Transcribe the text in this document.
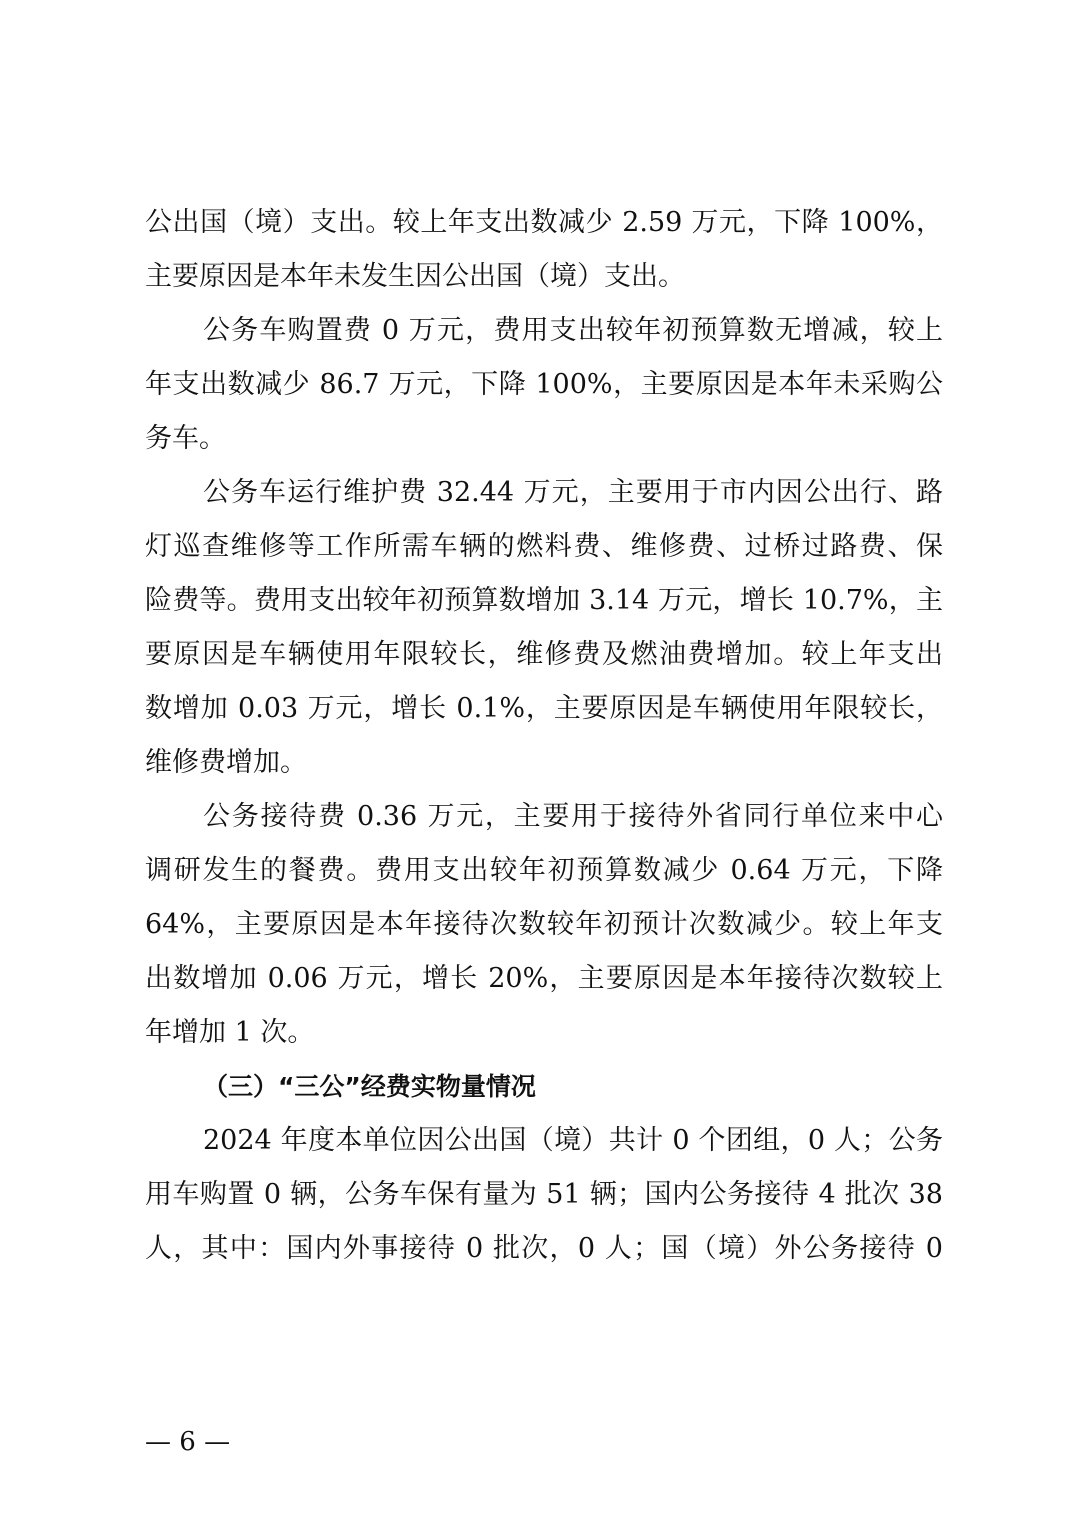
公出国（境）支出。较上年支出数减少 2.59 万元，下降 100%，
主要原因是本年未发生因公出国（境）支出。
公务车购置费 0 万元，费用支出较年初预算数无增减，较上
年支出数减少 86.7 万元，下降 100%，主要原因是本年未采购公
务车。
公务车运行维护费 32.44 万元，主要用于市内因公出行、路
灯巡查维修等工作所需车辆的燃料费、维修费、过桥过路费、保
险费等。费用支出较年初预算数增加 3.14 万元，增长 10.7%，主
要原因是车辆使用年限较长，维修费及燃油费增加。较上年支出
数增加 0.03 万元，增长 0.1%，主要原因是车辆使用年限较长，
维修费增加。
公务接待费 0.36 万元，主要用于接待外省同行单位来中心
调研发生的餐费。费用支出较年初预算数减少 0.64 万元，下降
64%，主要原因是本年接待次数较年初预计次数减少。较上年支
出数增加 0.06 万元，增长 20%，主要原因是本年接待次数较上
年增加 1 次。
（三）“三公”经费实物量情况
2024 年度本单位因公出国（境）共计 0 个团组，0 人；公务
用车购置 0 辆，公务车保有量为 51 辆；国内公务接待 4 批次 38
人，其中：国内外事接待 0 批次，0 人；国（境）外公务接待 0
— 6 —
